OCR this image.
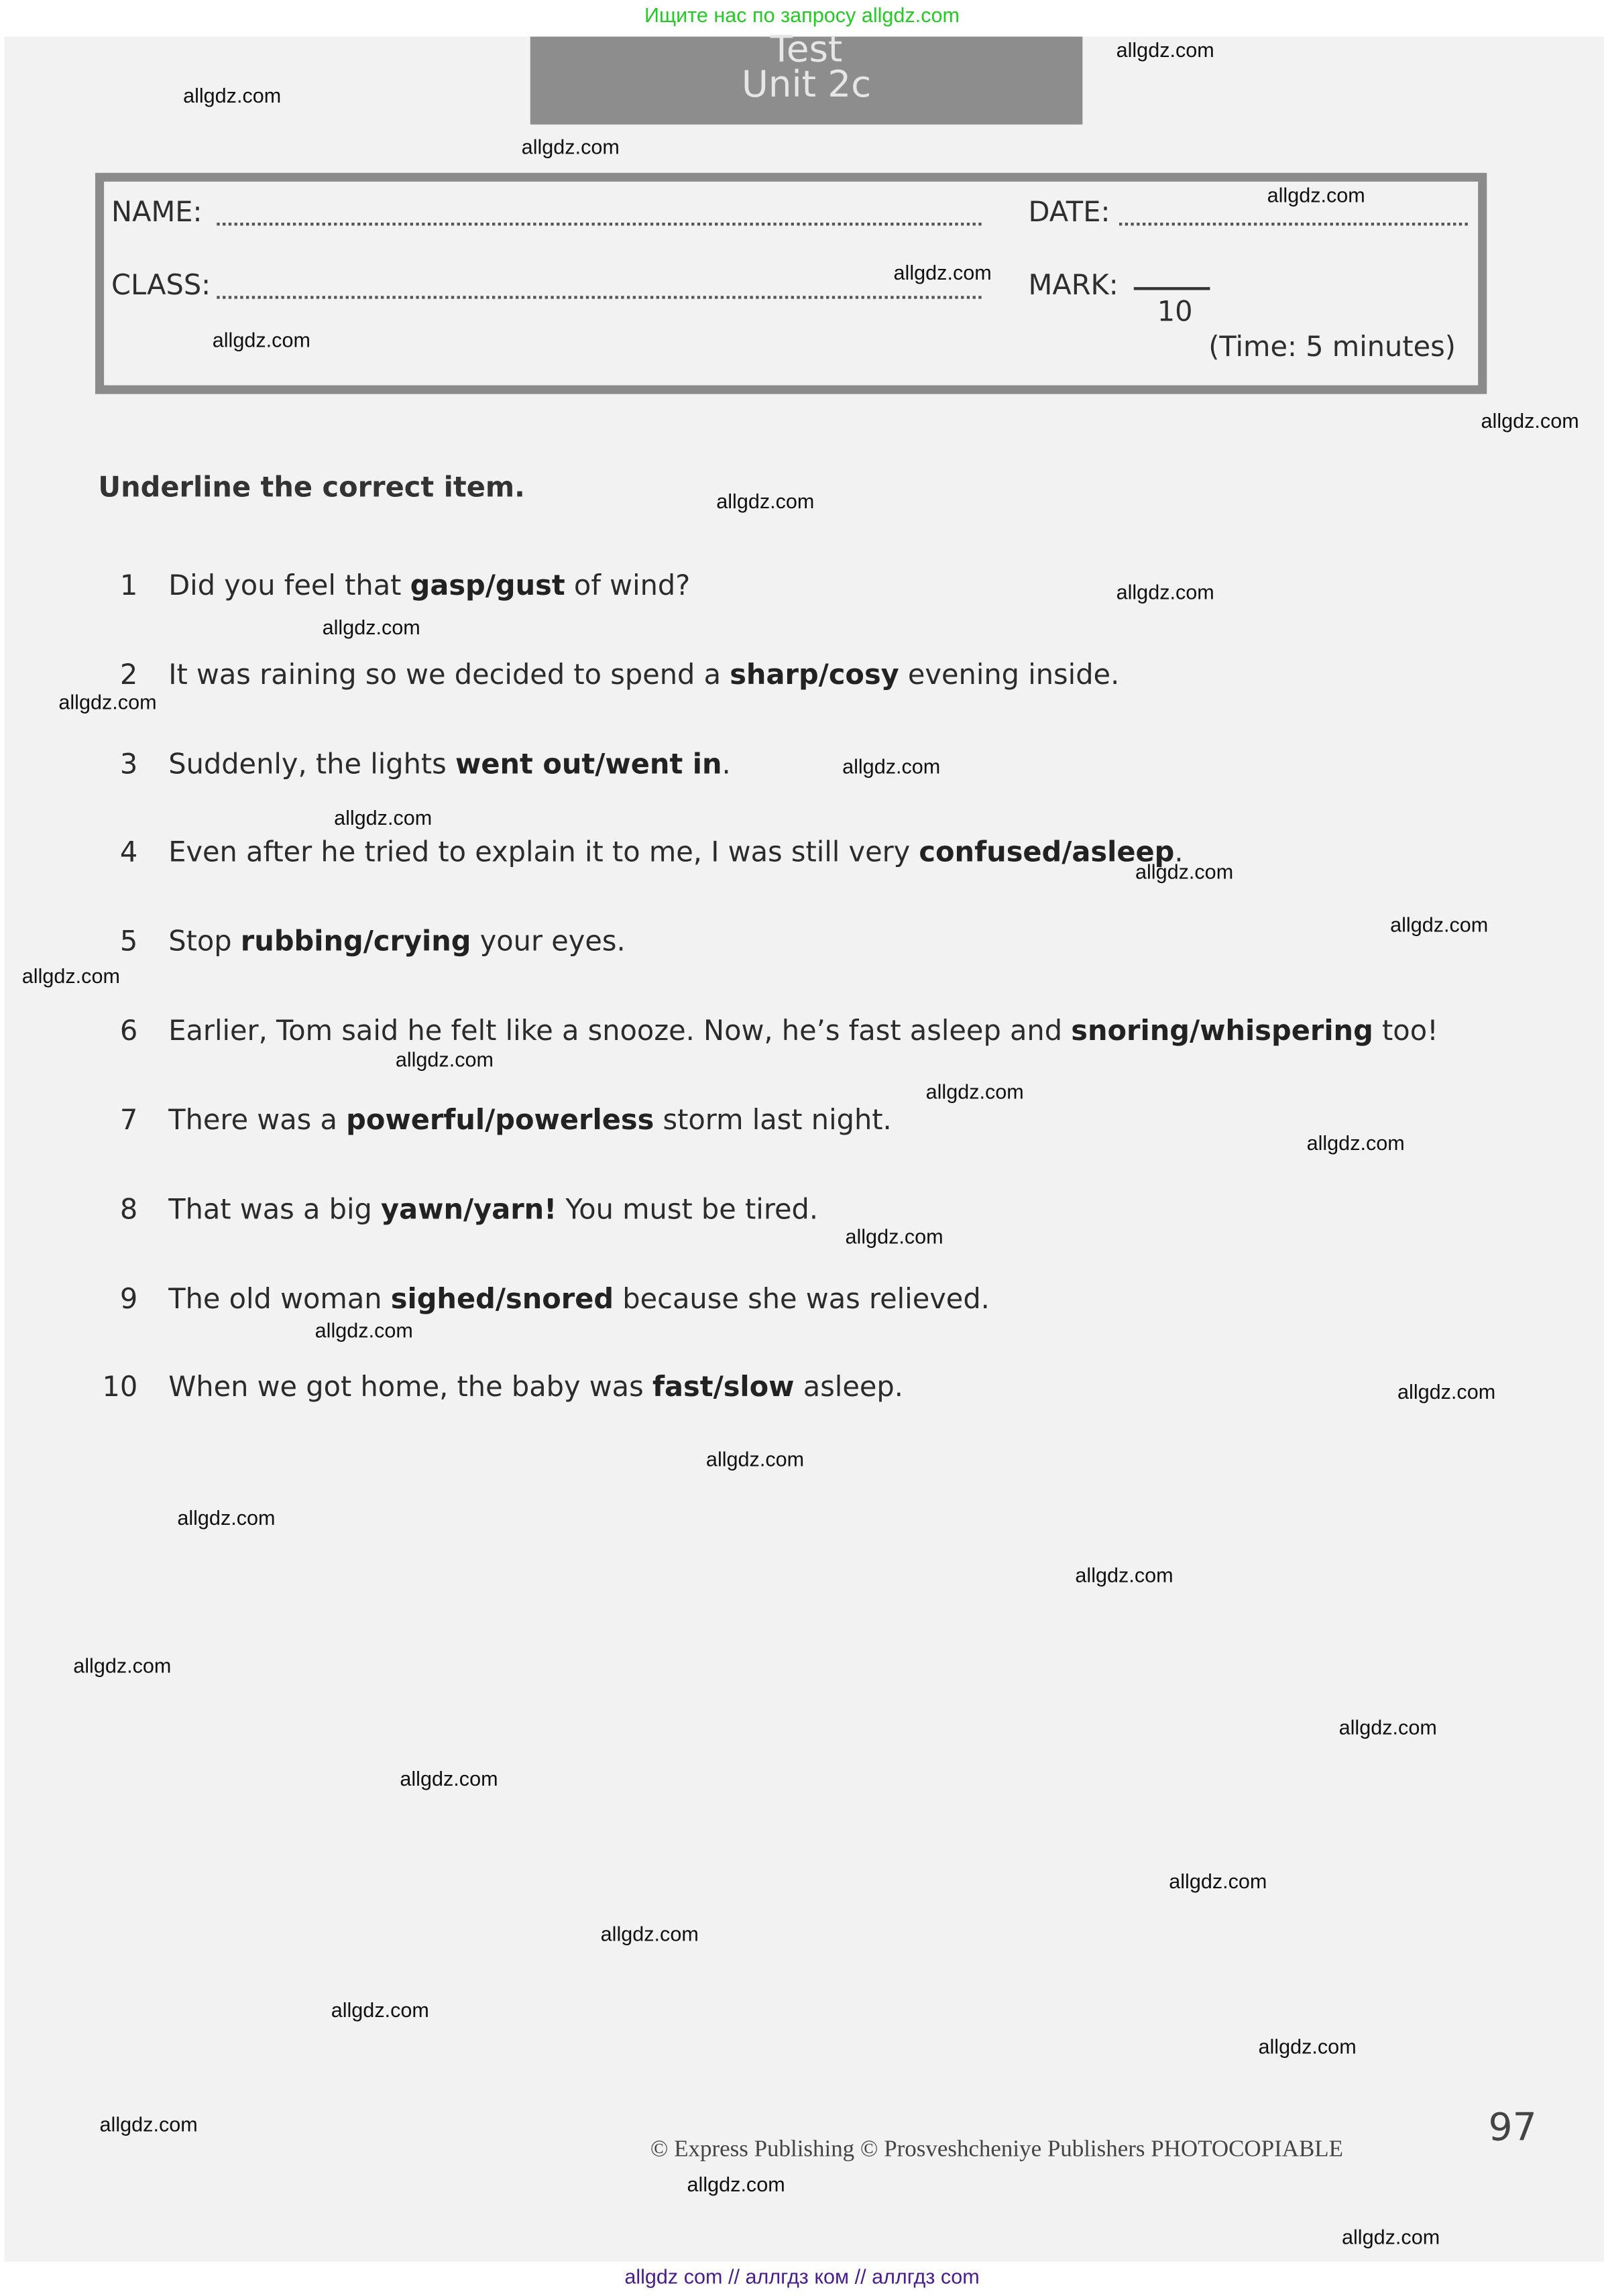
Ищите нас по запросу allgdz.com
Test
Unit 2c
NAME:	DATE:
CLASS:	MARK:
10
(Time: 5 minutes)
Underline the correct item.
1 Did you feel that gasp/gust of wind?
2 It was raining so we decided to spend a sharp/cosy evening inside.
3 Suddenly, the lights went out/went in.
4 Even after he tried to explain it to me, I was still very confused/asleep.
5 Stop rubbing/crying your eyes.
6 Earlier, Tom said he felt like a snooze. Now, he’s fast asleep and snoring/whispering too!
7 There was a powerful/powerless storm last night.
8 That was a big yawn/yarn! You must be tired.
9 The old woman sighed/snored because she was relieved.
10 When we got home, the baby was fast/slow asleep.
© Express Publishing © Prosveshcheniye Publishers PHOTOCOPIABLE	97
allgdz.com
allgdz.com
allgdz.com
allgdz.com
allgdz.com
allgdz.com
allgdz.com
allgdz.com
allgdz.com
allgdz.com
allgdz.com
allgdz.com
allgdz.com
allgdz.com
allgdz.com
allgdz.com
allgdz.com
allgdz.com
allgdz.com
allgdz.com
allgdz.com
allgdz.com
allgdz.com
allgdz.com
allgdz.com
allgdz.com
allgdz.com
allgdz.com
allgdz.com
allgdz.com
allgdz.com
allgdz.com
allgdz.com
allgdz.com
allgdz.com
allgdz com // аллгдз ком // аллгдз com
